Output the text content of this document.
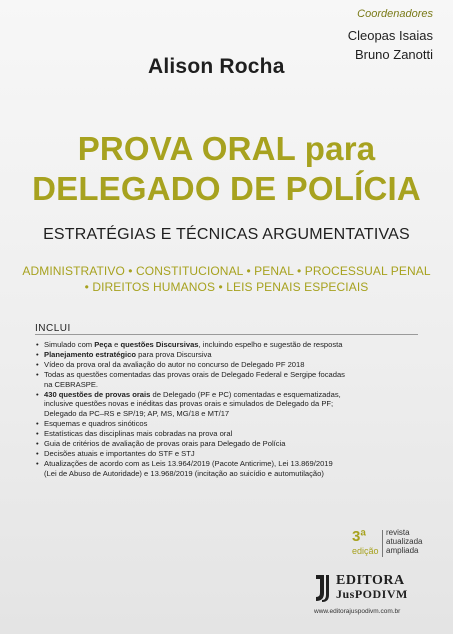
Coordenadores
Cleopas Isaias
Bruno Zanotti
Alison Rocha
PROVA ORAL para
DELEGADO DE POLÍCIA
ESTRATÉGIAS E TÉCNICAS ARGUMENTATIVAS
ADMINISTRATIVO • CONSTITUCIONAL • PENAL • PROCESSUAL PENAL
• DIREITOS HUMANOS • LEIS PENAIS ESPECIAIS
INCLUI
• Simulado com Peça e questões Discursivas, incluindo espelho e sugestão de resposta
• Planejamento estratégico para prova Discursiva
• Vídeo da prova oral da avaliação do autor no concurso de Delegado PF 2018
• Todas as questões comentadas das provas orais de Delegado Federal e Sergipe focadas na CEBRASPE.
• 430 questões de provas orais de Delegado (PF e PC) comentadas e esquematizadas, inclusive questões novas e inéditas das provas orais e simulados de Delegado da PF; Delegado da PC–RS e SP/19; AP, MS, MG/18 e MT/17
• Esquemas e quadros sinóticos
• Estatísticas das disciplinas mais cobradas na prova oral
• Guia de critérios de avaliação de provas orais para Delegado de Polícia
• Decisões atuais e importantes do STF e STJ
• Atualizações de acordo com as Leis 13.964/2019 (Pacote Anticrime), Lei 13.869/2019 (Lei de Abuso de Autoridade) e 13.968/2019 (incitação ao suicídio e automutilação)
3ª
edição
revista
atualizada
ampliada
EDITORA
JusPODIVM
www.editorajuspodivm.com.br
